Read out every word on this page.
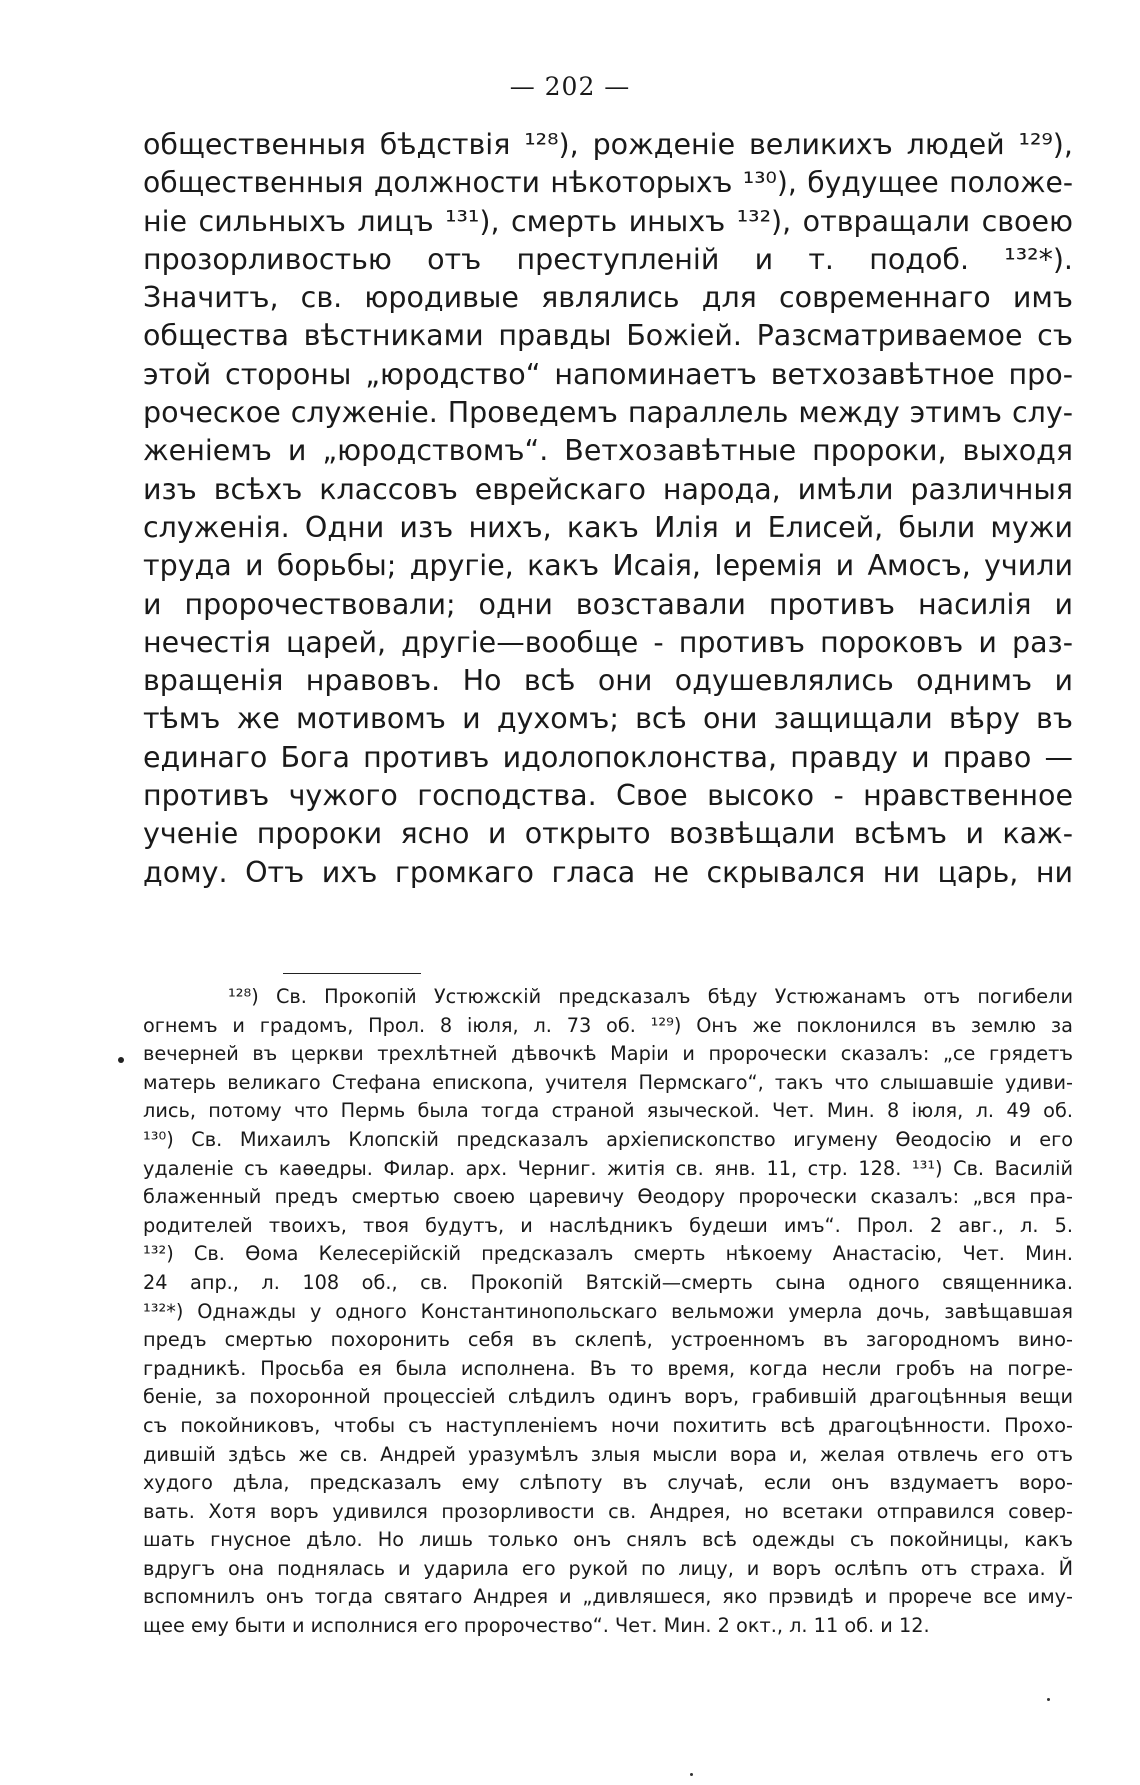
— 202 —
общественныя бѣдствія ¹²⁸), рожденіе великихъ людей ¹²⁹),
общественныя должности нѣкоторыхъ ¹³⁰), будущее положе-
ніе сильныхъ лицъ ¹³¹), смерть иныхъ ¹³²), отвращали своею
прозорливостью отъ преступленій и т. подоб. ¹³²*).
Значитъ, св. юродивые являлись для современнаго имъ
общества вѣстниками правды Божіей. Разсматриваемое съ
этой стороны „юродство“ напоминаетъ ветхозавѣтное про-
роческое служеніе. Проведемъ параллель между этимъ слу-
женіемъ и „юродствомъ“. Ветхозавѣтные пророки, выходя
изъ всѣхъ классовъ еврейскаго народа, имѣли различныя
служенія. Одни изъ нихъ, какъ Илія и Елисей, были мужи
труда и борьбы; другіе, какъ Исаія, Іеремія и Амосъ, учили
и пророчествовали; одни возставали противъ насилія и
нечестія царей, другіе—вообще - противъ пороковъ и раз-
вращенія нравовъ. Но всѣ они одушевлялись однимъ и
тѣмъ же мотивомъ и духомъ; всѣ они защищали вѣру въ
единаго Бога противъ идолопоклонства, правду и право —
противъ чужого господства. Свое высоко - нравственное
ученіе пророки ясно и открыто возвѣщали всѣмъ и каж-
дому. Отъ ихъ громкаго гласа не скрывался ни царь, ни
¹²⁸) Св. Прокопій Устюжскій предсказалъ бѣду Устюжанамъ отъ погибели
огнемъ и градомъ, Прол. 8 іюля, л. 73 об. ¹²⁹) Онъ же поклонился въ землю за
вечерней въ церкви трехлѣтней дѣвочкѣ Маріи и пророчески сказалъ: „се грядетъ
матерь великаго Стефана епископа, учителя Пермскаго“, такъ что слышавшіе удиви-
лись, потому что Пермь была тогда страной языческой. Чет. Мин. 8 іюля, л. 49 об.
¹³⁰) Св. Михаилъ Клопскій предсказалъ архіепископство игумену Ѳеодосію и его
удаленіе съ каѳедры. Филар. арх. Черниг. житія св. янв. 11, стр. 128. ¹³¹) Св. Василій
блаженный предъ смертью своею царевичу Ѳеодору пророчески сказалъ: „вся пра-
родителей твоихъ, твоя будутъ, и наслѣдникъ будеши имъ“. Прол. 2 авг., л. 5.
¹³²) Св. Ѳома Келесерійскій предсказалъ смерть нѣкоему Анастасію, Чет. Мин.
24 апр., л. 108 об., св. Прокопій Вятскій—смерть сына одного священника.
¹³²*) Однажды у одного Константинопольскаго вельможи умерла дочь, завѣщавшая
предъ смертью похоронить себя въ склепѣ, устроенномъ въ загородномъ вино-
градникѣ. Просьба ея была исполнена. Въ то время, когда несли гробъ на погре-
беніе, за похоронной процессіей слѣдилъ одинъ воръ, грабившій драгоцѣнныя вещи
съ покойниковъ, чтобы съ наступленіемъ ночи похитить всѣ драгоцѣнности. Прохо-
дившій здѣсь же св. Андрей уразумѣлъ злыя мысли вора и, желая отвлечь его отъ
худого дѣла, предсказалъ ему слѣпоту въ случаѣ, если онъ вздумаетъ воро-
вать. Хотя воръ удивился прозорливости св. Андрея, но всетаки отправился совер-
шать гнусное дѣло. Но лишь только онъ снялъ всѣ одежды съ покойницы, какъ
вдругъ она поднялась и ударила его рукой по лицу, и воръ ослѣпъ отъ страха. Й
вспомнилъ онъ тогда святаго Андрея и „дивляшеся, яко прэвидѣ и прорече все иму-
щее ему быти и исполнися его пророчество“. Чет. Мин. 2 окт., л. 11 об. и 12.
